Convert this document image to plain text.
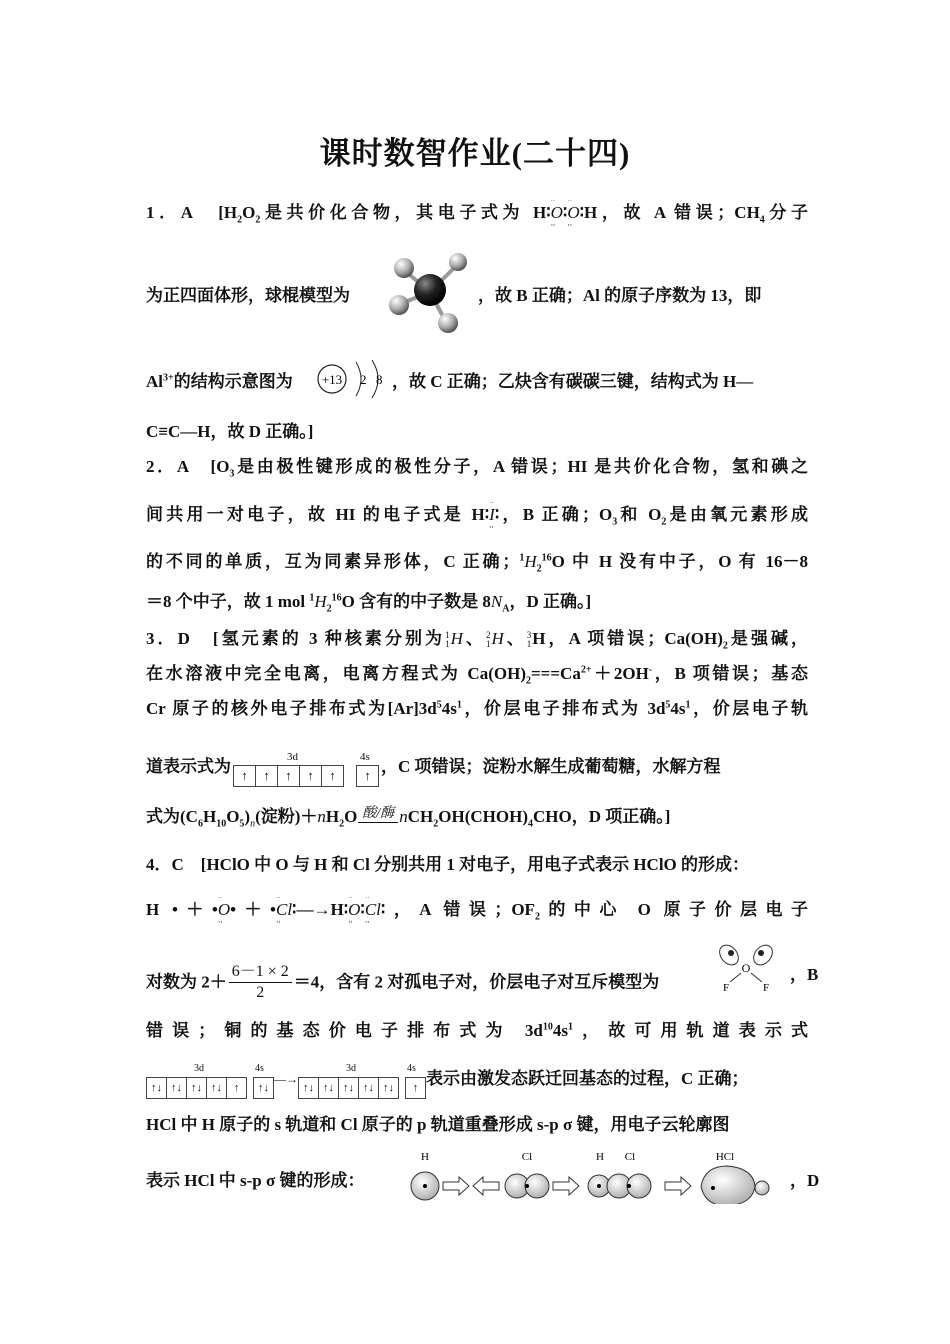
课时数智作业(二十四)
1．A　[$H_2O_2$是共价化合物，其电子式为 H∶·· O ··∶·· O ··∶H，故 A 错误；$CH_4$分子
为正四面体形，球棍模型为	，故 B 正确；Al 的原子序数为 13，即
$Al^{3+}$的结构示意图为 +13 2 8 ，故 C 正确；乙炔含有碳碳三键，结构式为 H—
C≡C—H，故 D 正确。]
2．A　[$O_3$是由极性键形成的极性分子，A 错误；HI 是共价化合物，氢和碘之
间共用一对电子，故 HI 的电子式是 H∶·· I ··∶，B 正确；$O_3$和 $O_2$是由氧元素形成
的不同的单质，互为同素异形体，C 正确；$^1H_2^{16}O$ 中 H 没有中子，O 有 16－8
＝8 个中子，故 1 mol $^1H_2^{16}O$ 含有的中子数是 $8N_A$，D 正确。]
3．D　[氢元素的 3 种核素分别为 1
1 H、 2
1 H、 3
1 H，A 项错误；$Ca(OH)_2$是强碱，
在水溶液中完全电离，电离方程式为 $Ca(OH)_2===Ca^{2+}+2OH^-$，B 项错误；基态
Cr 原子的核外电子排布式为$[Ar]3d^54s^1$，价层电子排布式为 $3d^54s^1$，价层电子轨
道表示式为	3d
↑	↑	↑	↑	↑
4s
↑ ，C 项错误；淀粉水解生成葡萄糖，水解方程
式为$(C_6H_{10}O_5)_n$(淀粉)$+nH_2O$ 酸/酶 $nCH_2OH(CHOH)_4CHO$，D 项正确。]
4．C　[HClO 中 O 与 H 和 Cl 分别共用 1 对电子，用电子式表示 HClO 的形成：
H •＋•·· O ··•＋•·· Cl ··∶—→H∶·· O ··∶·· Cl ··∶，A 错误；$OF_2$的中心 O 原子价层电子
对数为 $2+ \frac{6-1 \times 2}{2} =4$，含有 2 对孤电子对，价层电子对互斥模型为
O
F	F
，B
错误；铜的基态价电子排布式为 $3d^{10}4s^1$，故可用轨道表示式
3d
↑↓ ↑↓ ↑↓ ↑↓	↑
4s
↑↓
—→
3d
↑↓ ↑↓ ↑↓ ↑↓ ↑↓
4s
↑
表示由激发态跃迁回基态的过程，C 正确；
HCl 中 H 原子的 s 轨道和 Cl 原子的 p 轨道重叠形成 s-p σ 键，用电子云轮廓图
表示 HCl 中 s-p σ 键的形成：
H	Cl	H Cl	HCl
，D
